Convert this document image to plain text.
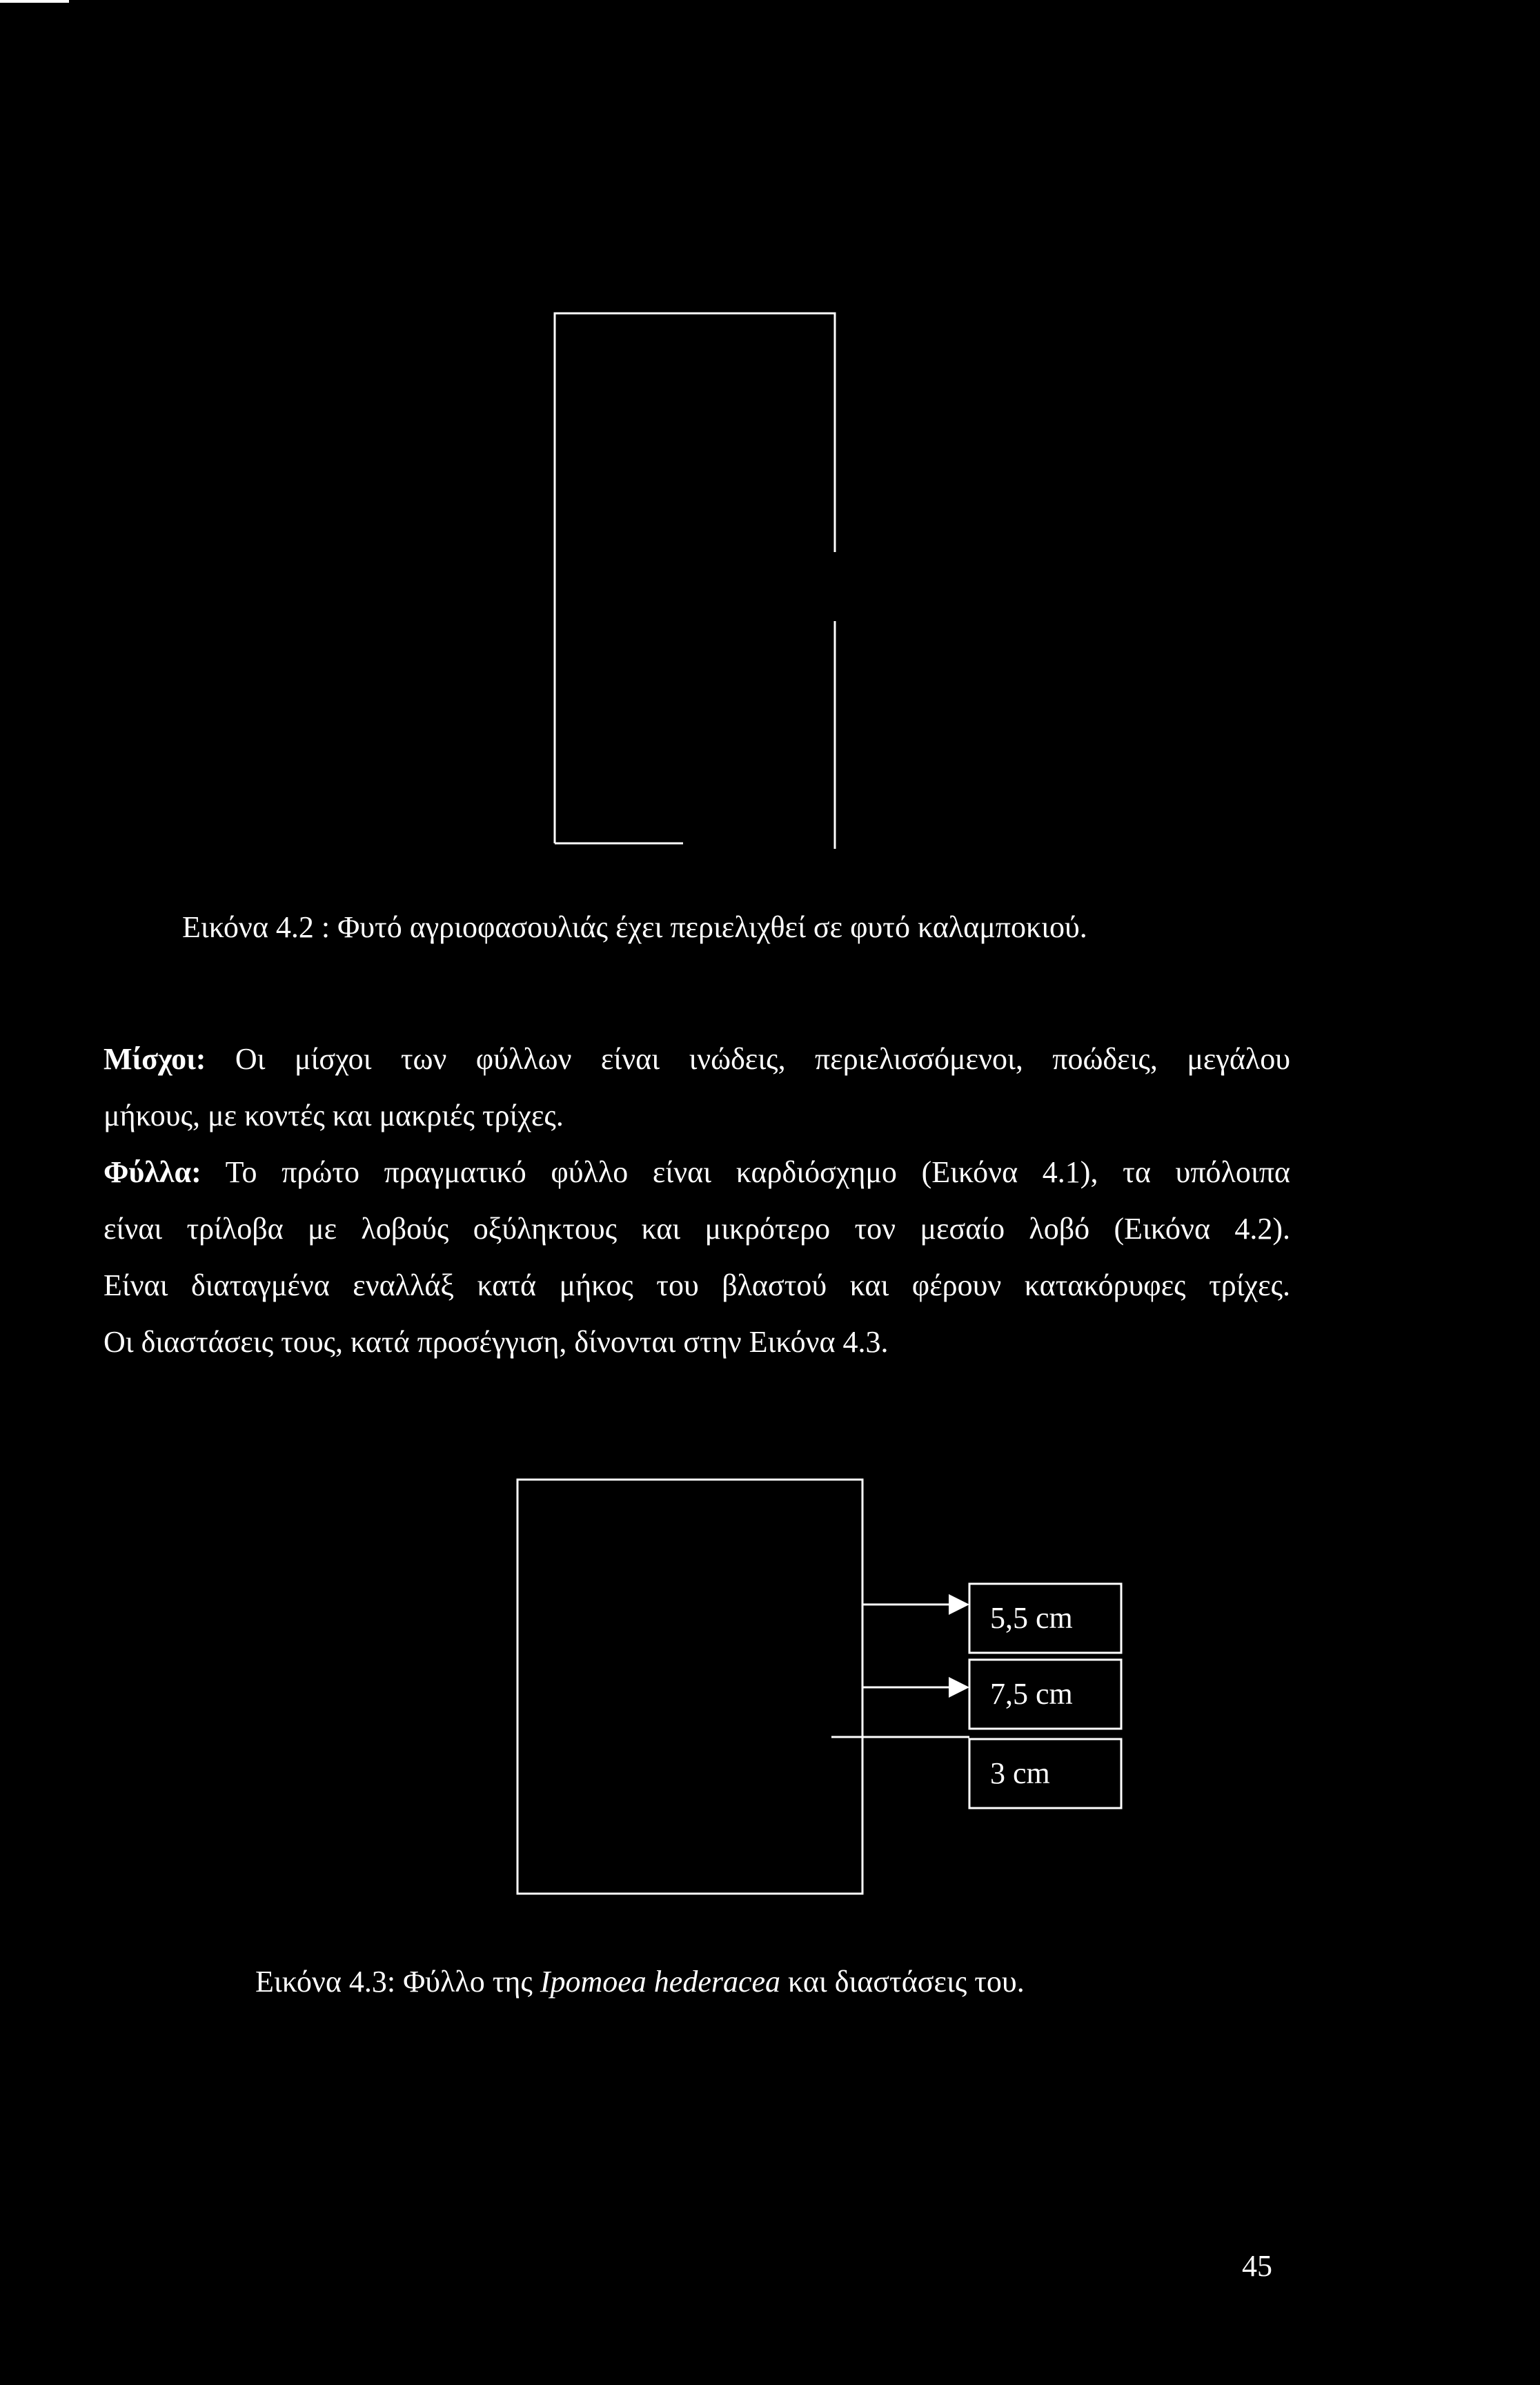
Εικόνα 4.2 : Φυτό αγριοφασουλιάς έχει περιελιχθεί σε φυτό καλαμποκιού.
Μίσχοι: Οι μίσχοι των φύλλων είναι ινώδεις, περιελισσόμενοι, ποώδεις, μεγάλου
μήκους, με κοντές και μακριές τρίχες.
Φύλλα: Το πρώτο πραγματικό φύλλο είναι καρδιόσχημο (Εικόνα 4.1), τα υπόλοιπα
είναι τρίλοβα με λοβούς οξύληκτους και μικρότερο τον μεσαίο λοβό (Εικόνα 4.2).
Είναι διαταγμένα εναλλάξ κατά μήκος του βλαστού και φέρουν κατακόρυφες τρίχες.
Οι διαστάσεις τους, κατά προσέγγιση, δίνονται στην Εικόνα 4.3.
5,5 cm
7,5 cm
3 cm
Εικόνα 4.3: Φύλλο της Ipomoea hederacea και διαστάσεις του.
45
